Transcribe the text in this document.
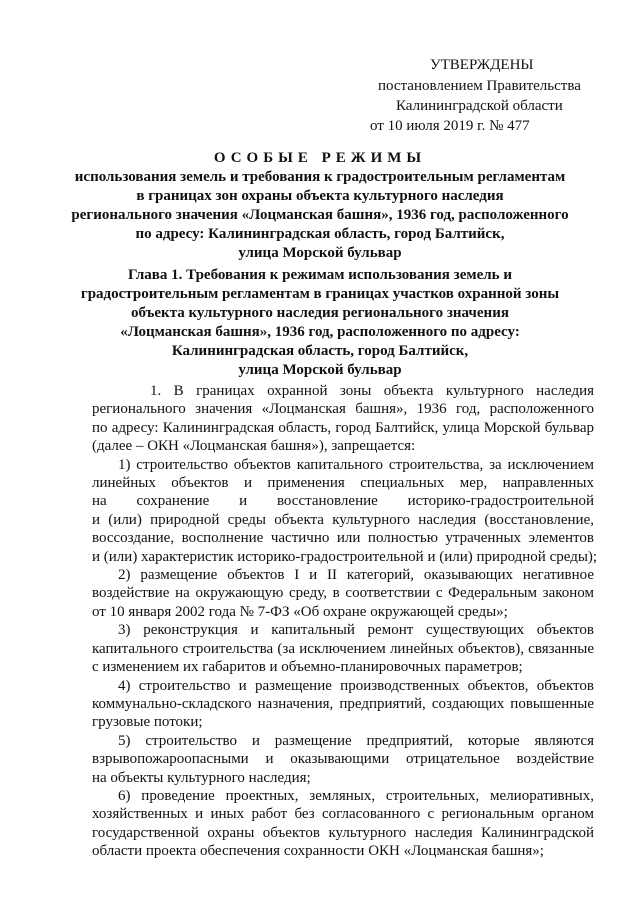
УТВЕРЖДЕНЫ
постановлением Правительства
Калининградской области
от 10 июля 2019 г. № 477
ОСОБЫЕ РЕЖИМЫ
использования земель и требования к градостроительным регламентам
в границах зон охраны объекта культурного наследия
регионального значения «Лоцманская башня», 1936 год, расположенного
по адресу: Калининградская область, город Балтийск,
улица Морской бульвар
Глава 1. Требования к режимам использования земель и
градостроительным регламентам в границах участков охранной зоны
объекта культурного наследия регионального значения
«Лоцманская башня», 1936 год, расположенного по адресу:
Калининградская область, город Балтийск,
улица Морской бульвар
1. В границах охранной зоны объекта культурного наследия
регионального значения «Лоцманская башня», 1936 год, расположенного
по адресу: Калининградская область, город Балтийск, улица Морской бульвар
(далее – ОКН «Лоцманская башня»), запрещается:
1) строительство объектов капитального строительства, за исключением
линейных объектов и применения специальных мер, направленных
на сохранение и восстановление историко-градостроительной
и (или) природной среды объекта культурного наследия (восстановление,
воссоздание, восполнение частично или полностью утраченных элементов
и (или) характеристик историко-градостроительной и (или) природной среды);
2) размещение объектов I и II категорий, оказывающих негативное
воздействие на окружающую среду, в соответствии с Федеральным законом
от 10 января 2002 года № 7-ФЗ «Об охране окружающей среды»;
3) реконструкция и капитальный ремонт существующих объектов
капитального строительства (за исключением линейных объектов), связанные
с изменением их габаритов и объемно-планировочных параметров;
4) строительство и размещение производственных объектов, объектов
коммунально-складского назначения, предприятий, создающих повышенные
грузовые потоки;
5) строительство и размещение предприятий, которые являются
взрывопожароопасными и оказывающими отрицательное воздействие
на объекты культурного наследия;
6) проведение проектных, земляных, строительных, мелиоративных,
хозяйственных и иных работ без согласованного с региональным органом
государственной охраны объектов культурного наследия Калининградской
области проекта обеспечения сохранности ОКН «Лоцманская башня»;
